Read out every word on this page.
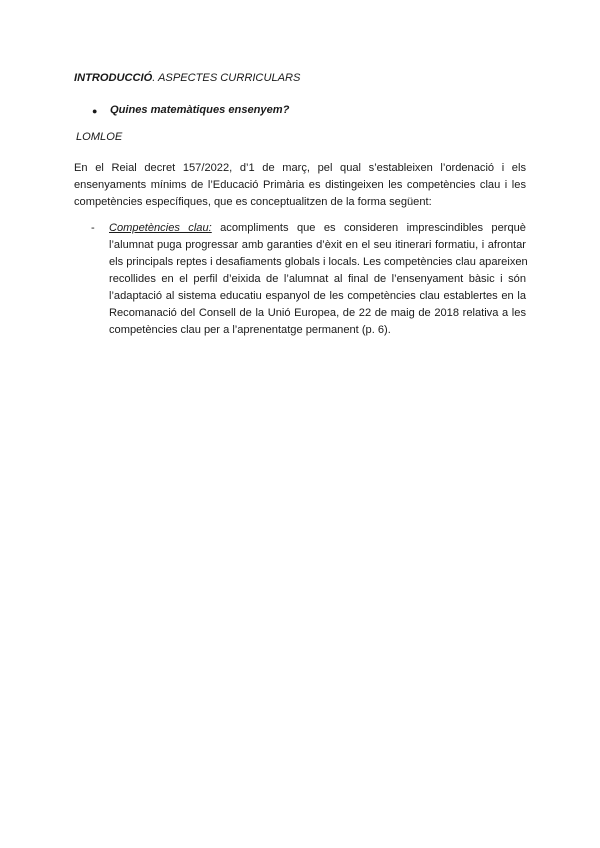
INTRODUCCIÓ. ASPECTES CURRICULARS
● Quines matemàtiques ensenyem?
LOMLOE
En el Reial decret 157/2022, d’1 de març, pel qual s’estableixen l’ordenació i els
ensenyaments mínims de l’Educació Primària es distingeixen les competències clau i les
competències específiques, que es conceptualitzen de la forma següent:
- Competències clau: acompliments que es consideren imprescindibles perquè
l’alumnat puga progressar amb garanties d’èxit en el seu itinerari formatiu, i afrontar
els principals reptes i desafiaments globals i locals. Les competències clau apareixen
recollides en el perfil d’eixida de l’alumnat al final de l’ensenyament bàsic i són
l’adaptació al sistema educatiu espanyol de les competències clau establertes en la
Recomanació del Consell de la Unió Europea, de 22 de maig de 2018 relativa a les
competències clau per a l’aprenentatge permanent (p. 6).
